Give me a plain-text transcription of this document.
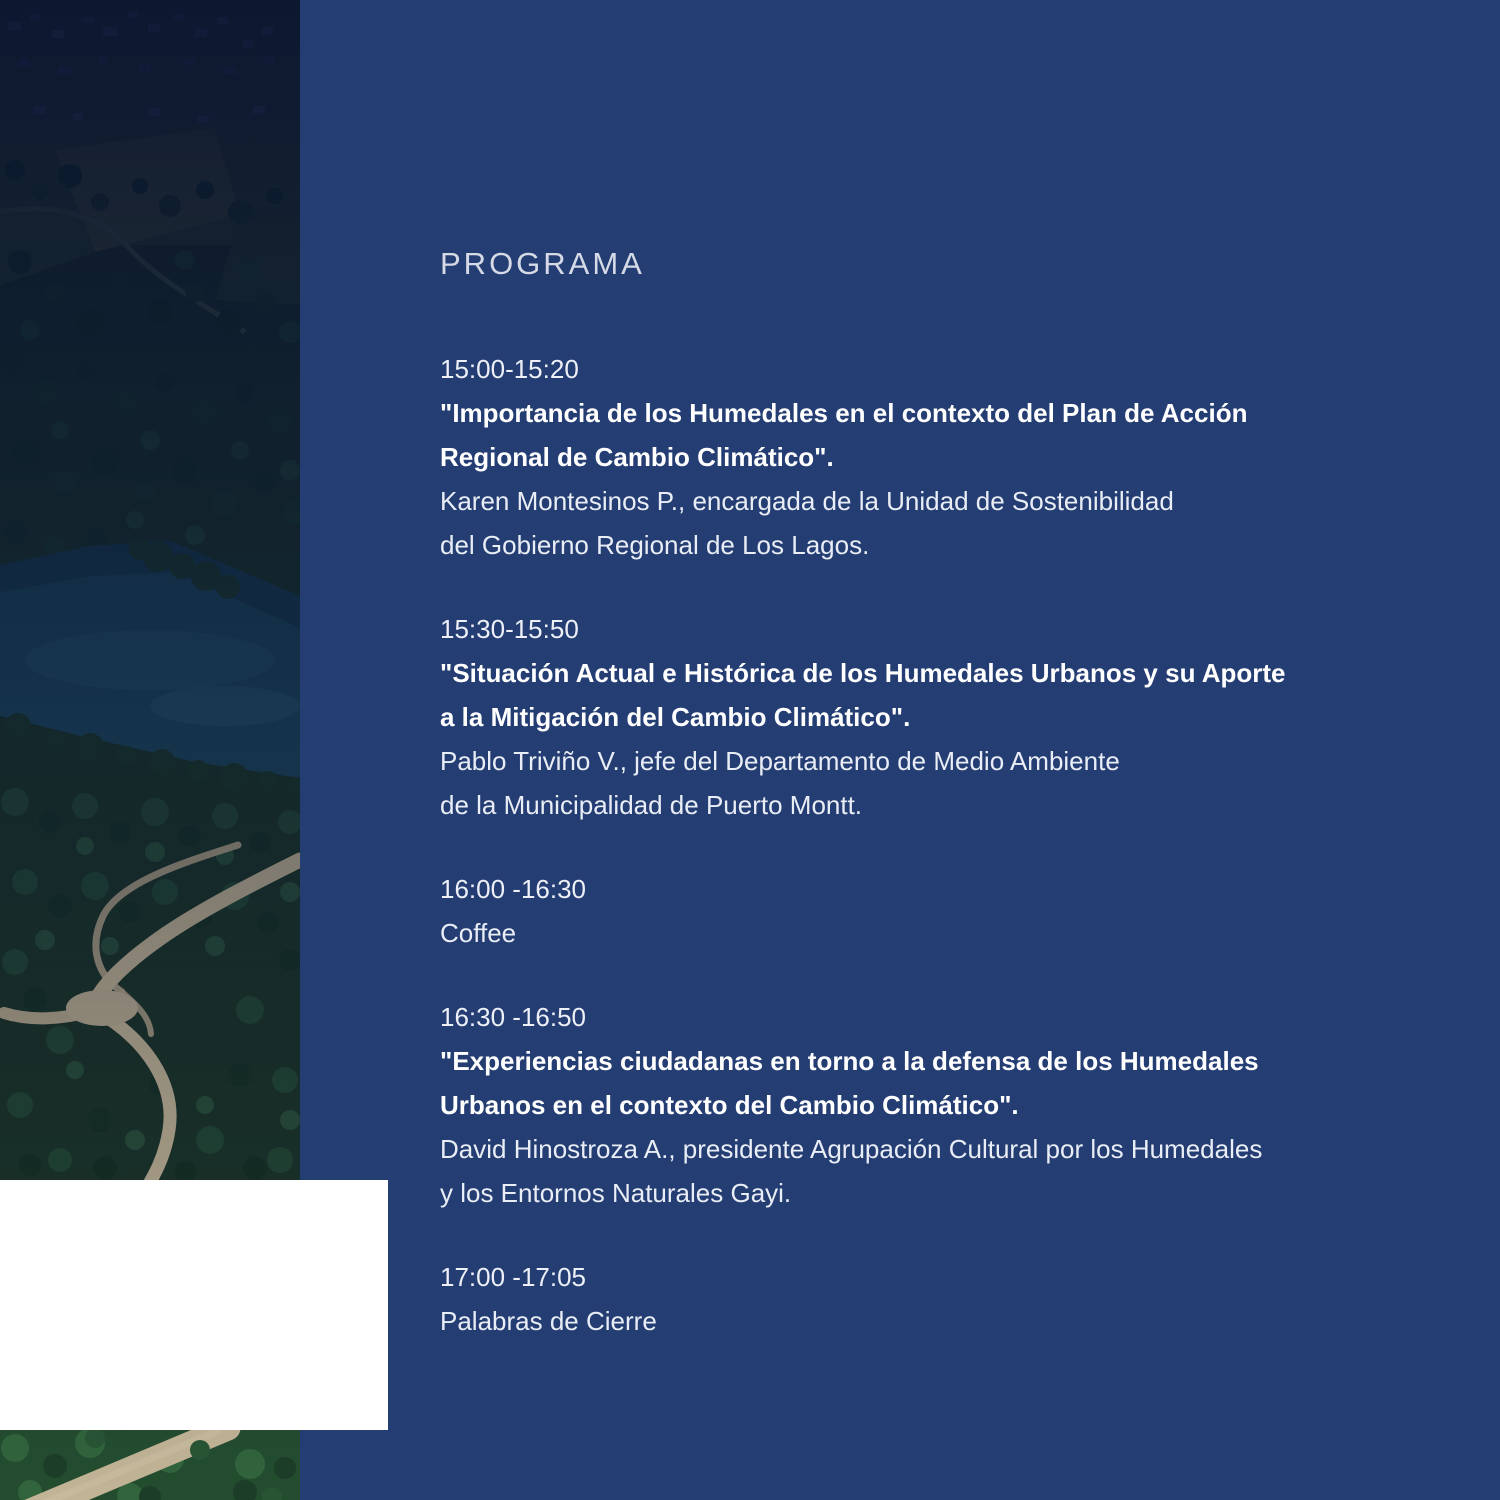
PROGRAMA
15:00-15:20
"Importancia de los Humedales en el contexto del Plan de Acción
Regional de Cambio Climático".
Karen Montesinos P., encargada de la Unidad de Sostenibilidad
del Gobierno Regional de Los Lagos.
15:30-15:50
"Situación Actual e Histórica de los Humedales Urbanos y su Aporte
a la Mitigación del Cambio Climático".
Pablo Triviño V., jefe del Departamento de Medio Ambiente
de la Municipalidad de Puerto Montt.
16:00 -16:30
Coffee
16:30 -16:50
"Experiencias ciudadanas en torno a la defensa de los Humedales
Urbanos en el contexto del Cambio Climático".
David Hinostroza A., presidente Agrupación Cultural por los Humedales
y los Entornos Naturales Gayi.
17:00 -17:05
Palabras de Cierre
